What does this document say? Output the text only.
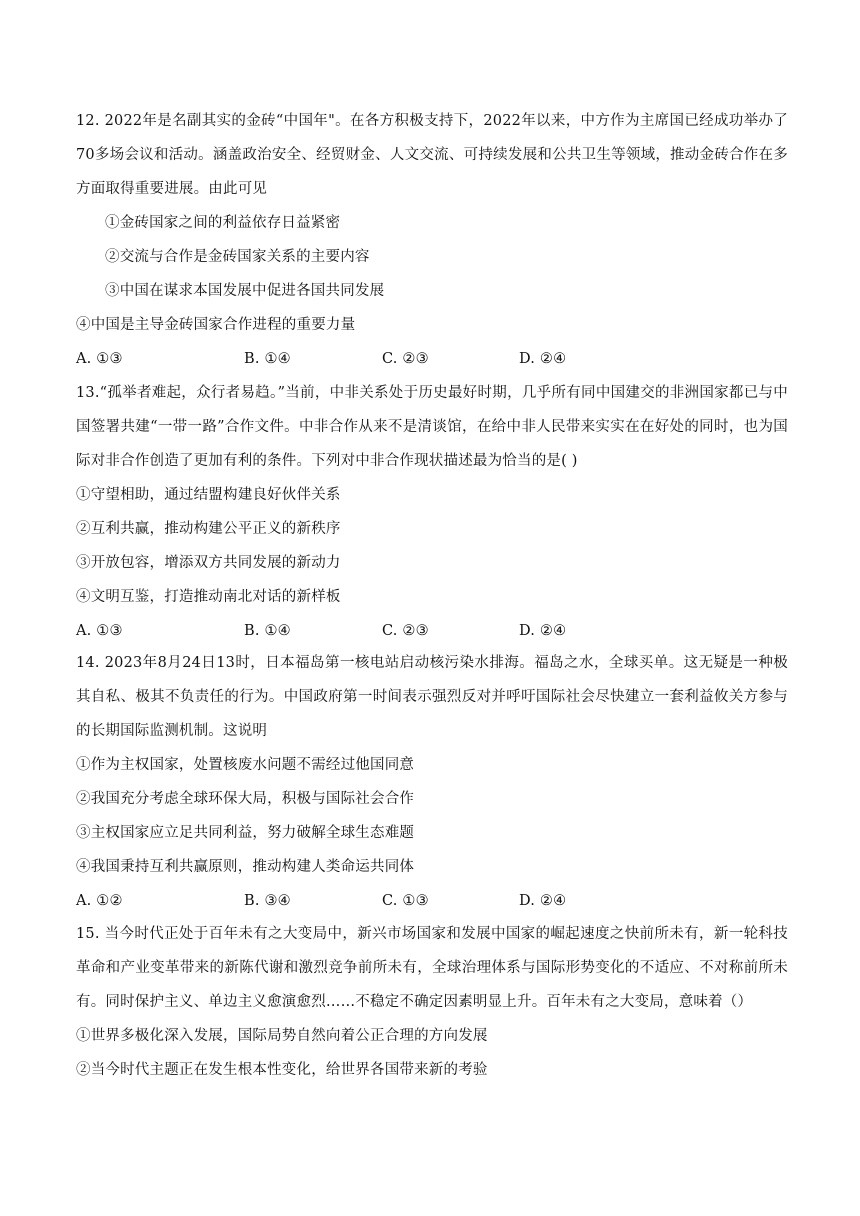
12. 2022年是名副其实的金砖“中国年"。在各方积极支持下，2022年以来，中方作为主席国已经成功举办了70多场会议和活动。涵盖政治安全、经贸财金、人文交流、可持续发展和公共卫生等领域，推动金砖合作在多方面取得重要进展。由此可见
①金砖国家之间的利益依存日益紧密
②交流与合作是金砖国家关系的主要内容
③中国在谋求本国发展中促进各国共同发展
④中国是主导金砖国家合作进程的重要力量
A. ①③	B. ①④	C. ②③	D. ②④
13.“孤举者难起，众行者易趋。”当前，中非关系处于历史最好时期，几乎所有同中国建交的非洲国家都已与中国签署共建“一带一路”合作文件。中非合作从来不是清谈馆，在给中非人民带来实实在在好处的同时，也为国际对非合作创造了更加有利的条件。下列对中非合作现状描述最为恰当的是( )
①守望相助，通过结盟构建良好伙伴关系
②互利共赢，推动构建公平正义的新秩序
③开放包容，增添双方共同发展的新动力
④文明互鉴，打造推动南北对话的新样板
A. ①③	B. ①④	C. ②③	D. ②④
14. 2023年8月24日13时，日本福岛第一核电站启动核污染水排海。福岛之水，全球买单。这无疑是一种极其自私、极其不负责任的行为。中国政府第一时间表示强烈反对并呼吁国际社会尽快建立一套利益攸关方参与的长期国际监测机制。这说明
①作为主权国家，处置核废水问题不需经过他国同意
②我国充分考虑全球环保大局，积极与国际社会合作
③主权国家应立足共同利益，努力破解全球生态难题
④我国秉持互利共赢原则，推动构建人类命运共同体
A. ①②	B. ③④	C. ①③	D. ②④
15. 当今时代正处于百年未有之大变局中，新兴市场国家和发展中国家的崛起速度之快前所未有，新一轮科技革命和产业变革带来的新陈代谢和激烈竞争前所未有，全球治理体系与国际形势变化的不适应、不对称前所未有。同时保护主义、单边主义愈演愈烈……不稳定不确定因素明显上升。百年未有之大变局，意味着（）
①世界多极化深入发展，国际局势自然向着公正合理的方向发展
②当今时代主题正在发生根本性变化，给世界各国带来新的考验
